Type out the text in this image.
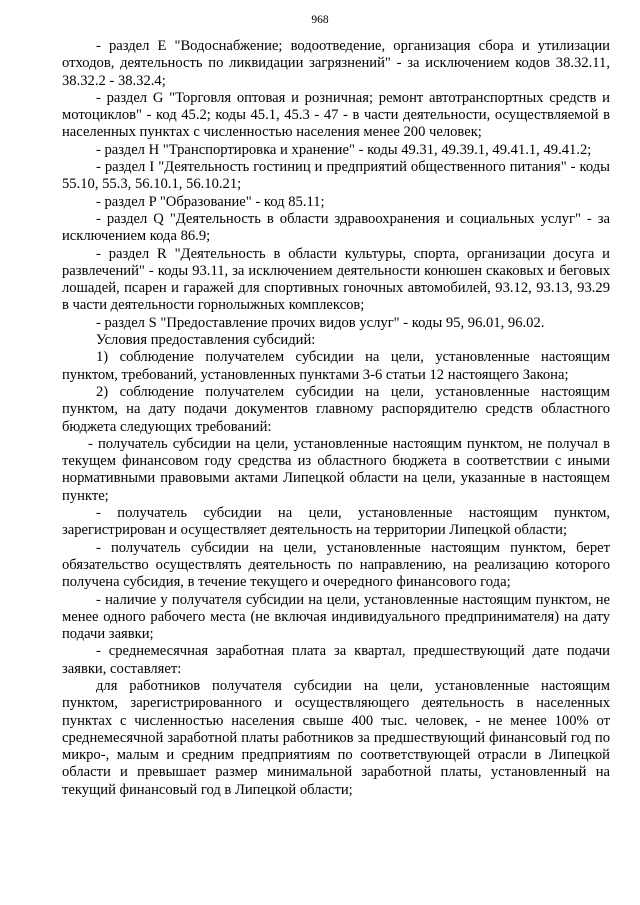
968

- раздел E "Водоснабжение; водоотведение, организация сбора и утилизации отходов, деятельность по ликвидации загрязнений" - за исключением кодов 38.32.11, 38.32.2 - 38.32.4;

- раздел G "Торговля оптовая и розничная; ремонт автотранспортных средств и мотоциклов" - код 45.2; коды 45.1, 45.3 - 47 - в части деятельности, осуществляемой в населенных пунктах с численностью населения менее 200 человек;

- раздел H "Транспортировка и хранение" - коды 49.31, 49.39.1, 49.41.1, 49.41.2;

- раздел I "Деятельность гостиниц и предприятий общественного питания" - коды 55.10, 55.3, 56.10.1, 56.10.21;

- раздел P "Образование" - код 85.11;

- раздел Q "Деятельность в области здравоохранения и социальных услуг" - за исключением кода 86.9;

- раздел R "Деятельность в области культуры, спорта, организации досуга и развлечений" - коды 93.11, за исключением деятельности конюшен скаковых и беговых лошадей, псарен и гаражей для спортивных гоночных автомобилей, 93.12, 93.13, 93.29 в части деятельности горнолыжных комплексов;

- раздел S "Предоставление прочих видов услуг" - коды 95, 96.01, 96.02.

Условия предоставления субсидий:

1) соблюдение получателем субсидии на цели, установленные настоящим пунктом, требований, установленных пунктами 3-6 статьи 12 настоящего Закона;

2) соблюдение получателем субсидии на цели, установленные настоящим пунктом, на дату подачи документов главному распорядителю средств областного бюджета следующих требований:

- получатель субсидии на цели, установленные настоящим пунктом, не получал в текущем финансовом году средства из областного бюджета в соответствии с иными нормативными правовыми актами Липецкой области на цели, указанные в настоящем пункте;

- получатель субсидии на цели, установленные настоящим пунктом, зарегистрирован и осуществляет деятельность на территории Липецкой области;

- получатель субсидии на цели, установленные настоящим пунктом, берет обязательство осуществлять деятельность по направлению, на реализацию которого получена субсидия, в течение текущего и очередного финансового года;

- наличие у получателя субсидии на цели, установленные настоящим пунктом, не менее одного рабочего места (не включая индивидуального предпринимателя) на дату подачи заявки;

- среднемесячная заработная плата за квартал, предшествующий дате подачи заявки, составляет:

для работников получателя субсидии на цели, установленные настоящим пунктом, зарегистрированного и осуществляющего деятельность в населенных пунктах с численностью населения свыше 400 тыс. человек, - не менее 100% от среднемесячной заработной платы работников за предшествующий финансовый год по микро-, малым и средним предприятиям по соответствующей отрасли в Липецкой области и превышает размер минимальной заработной платы, установленный на текущий финансовый год в Липецкой области;
